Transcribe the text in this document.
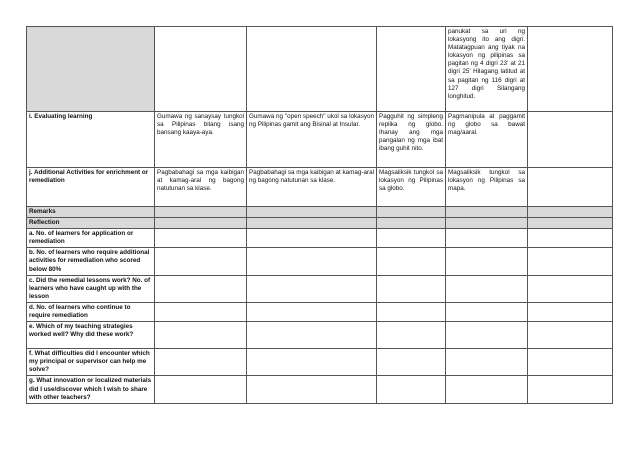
				panukat sa uri ng lokasyong ito ang digri. Matatagpuan ang tiyak na lokasyon ng pilipinas sa pagitan ng 4 digri 23' at 21 digri 25' Hilagang latitud at sa pagitan ng 116 digri at 127 digri Silangang longhitud.	
i. Evaluating learning	Gumawa ng sanaysay tungkol sa Pilipinas bilang isang bansang kaaya-aya.	Gumawa ng "open speech" ukol sa lokasyon ng Pilipinas gamit ang Bisinal at Insular.	Pagguhit ng simpleng replika ng globo. Ihanay ang mga pangalan ng mga ibat ibang guhit nito.	Pagmanipula at paggamit ng globo sa bawat mag/aaral.	
j. Additional Activities for enrichment or remediation	Pagbabahagi sa mga kaibigan at kamag-aral ng bagong natutunan sa klase.	Pagbabahagi sa mga kaibigan at kamag-aral ng bagong natutunan sa klase.	Magsaliksik tungkol sa lokasyon ng Pilipinas sa globo.	Magsaliksik tungkol sa lokasyon ng Pilipinas sa mapa.	
Remarks					
Reflection					
a. No. of learners for application or remediation					
b. No. of learners who require additional activities for remediation who scored below 80%					
c. Did the remedial lessons work? No. of learners who have caught up with the lesson					
d. No. of learners who continue to require remediation					
e. Which of my teaching strategies worked well? Why did these work?					
f. What difficulties did I encounter which my principal or supervisor can help me solve?					
g. What innovation or localized materials did I use/discover which I wish to share with other teachers?					
